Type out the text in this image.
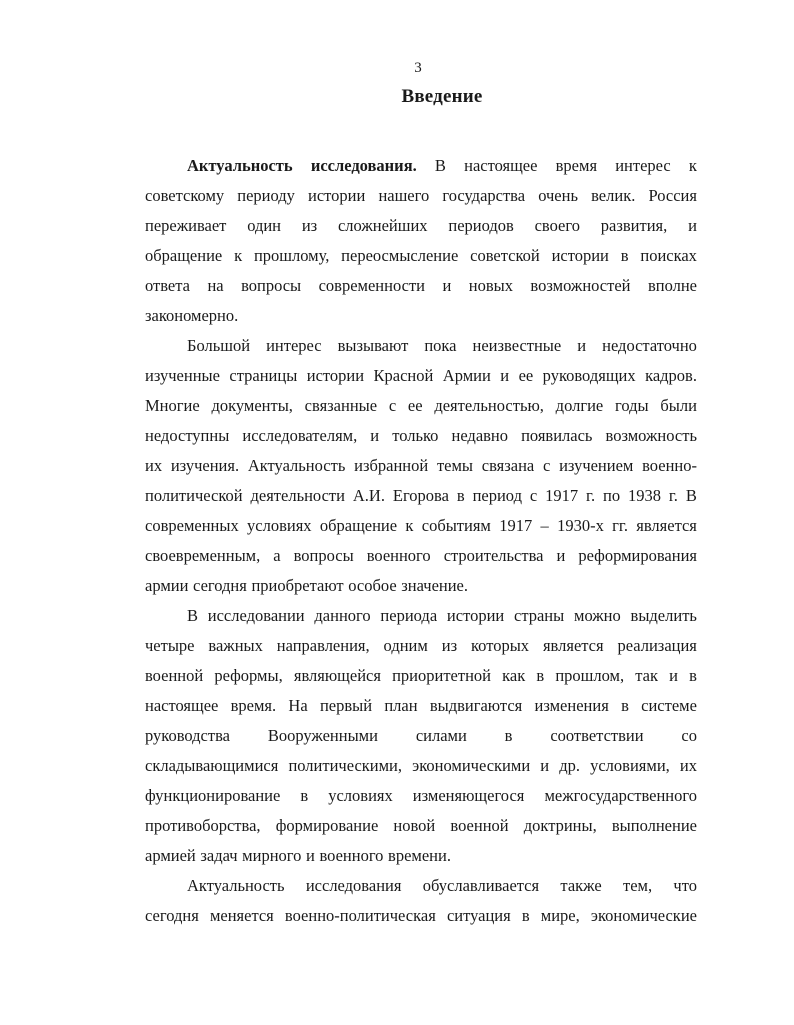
3
Введение
Актуальность исследования. В настоящее время интерес к
советскому периоду истории нашего государства очень велик. Россия
переживает один из сложнейших периодов своего развития, и
обращение к прошлому, переосмысление советской истории в поисках
ответа на вопросы современности и новых возможностей вполне
закономерно.
Большой интерес вызывают пока неизвестные и недостаточно
изученные страницы истории Красной Армии и ее руководящих кадров.
Многие документы, связанные с ее деятельностью, долгие годы были
недоступны исследователям, и только недавно появилась возможность
их изучения. Актуальность избранной темы связана с изучением военно-
политической деятельности А.И. Егорова в период с 1917 г. по 1938 г. В
современных условиях обращение к событиям 1917 – 1930-х гг. является
своевременным, а вопросы военного строительства и реформирования
армии сегодня приобретают особое значение.
В исследовании данного периода истории страны можно выделить
четыре важных направления, одним из которых является реализация
военной реформы, являющейся приоритетной как в прошлом, так и в
настоящее время. На первый план выдвигаются изменения в системе
руководства Вооруженными силами в соответствии со
складывающимися политическими, экономическими и др. условиями, их
функционирование в условиях изменяющегося межгосударственного
противоборства, формирование новой военной доктрины, выполнение
армией задач мирного и военного времени.
Актуальность исследования обуславливается также тем, что
сегодня меняется военно-политическая ситуация в мире, экономические
